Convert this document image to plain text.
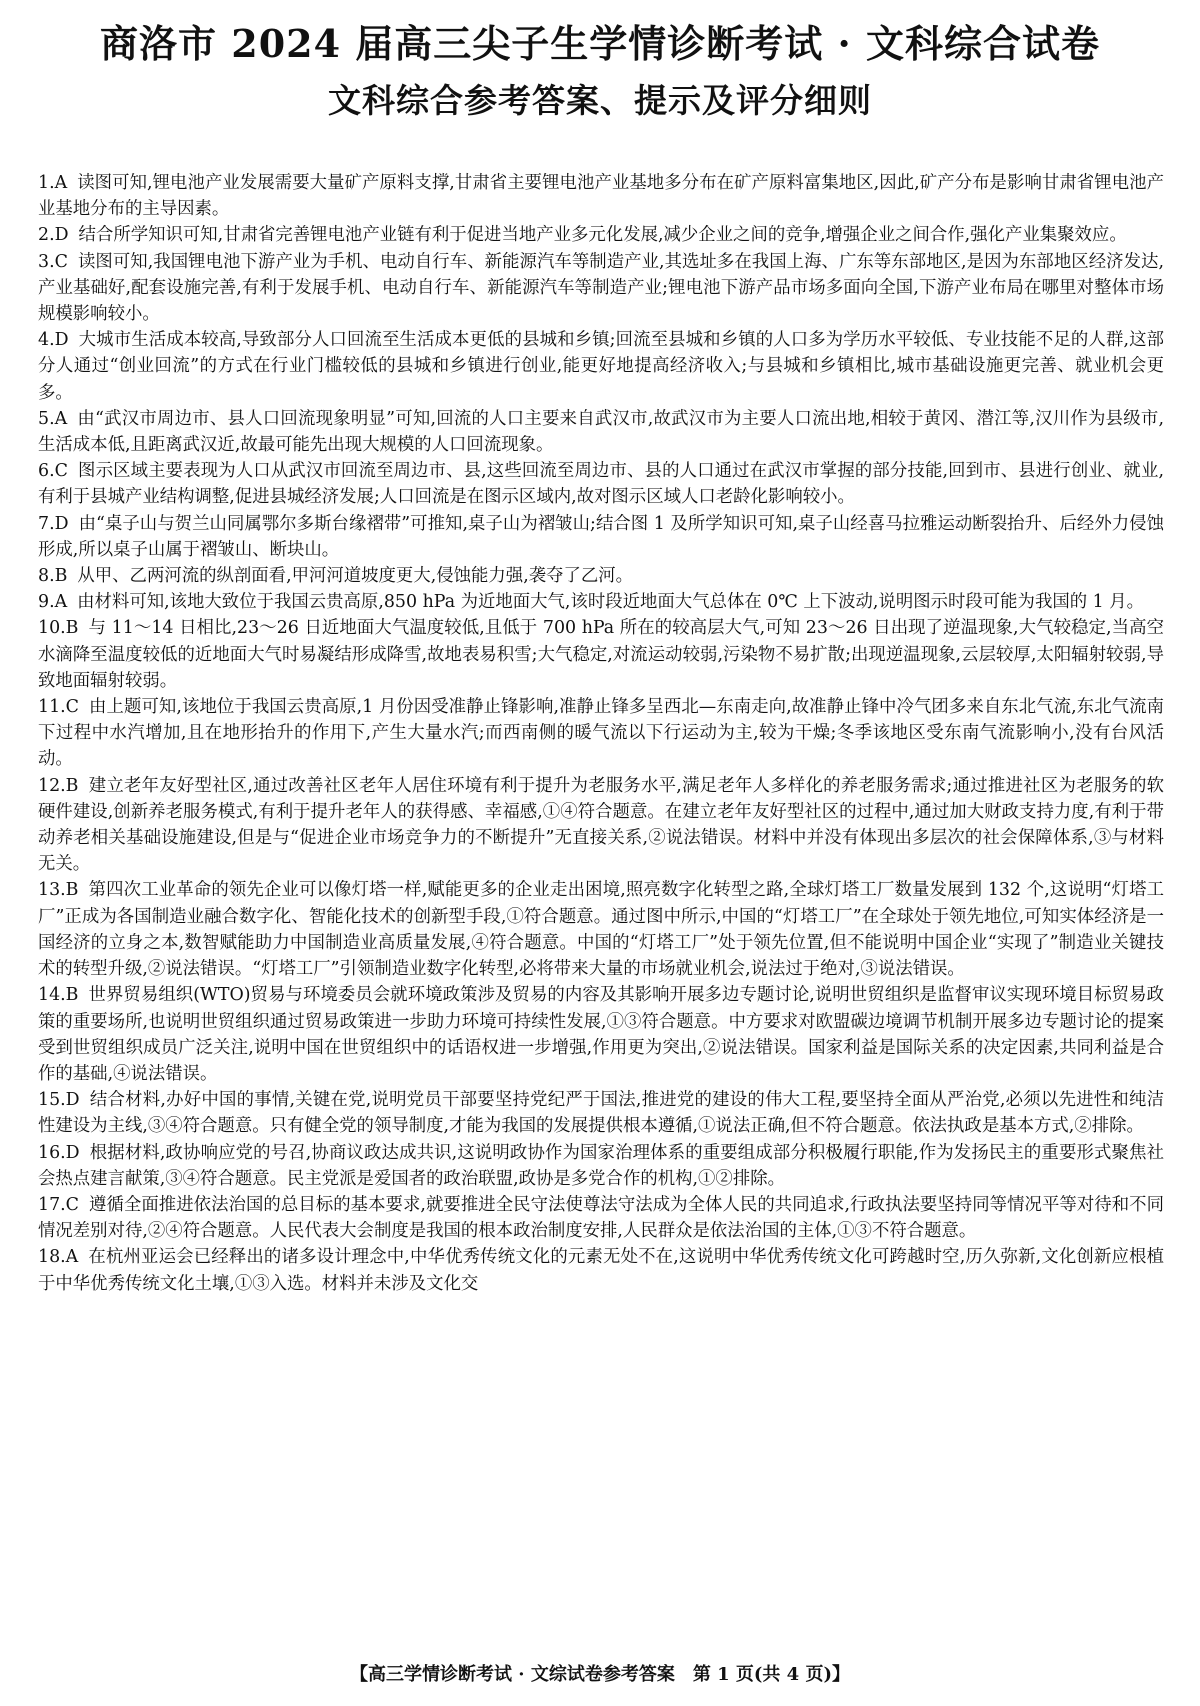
商洛市 2024 届高三尖子生学情诊断考试 · 文科综合试卷
文科综合参考答案、提示及评分细则

1.A 读图可知,锂电池产业发展需要大量矿产原料支撑,甘肃省主要锂电池产业基地多分布在矿产原料富集地区,因此,矿产分布是影响甘肃省锂电池产业基地分布的主导因素。

2.D 结合所学知识可知,甘肃省完善锂电池产业链有利于促进当地产业多元化发展,减少企业之间的竞争,增强企业之间合作,强化产业集聚效应。

3.C 读图可知,我国锂电池下游产业为手机、电动自行车、新能源汽车等制造产业,其选址多在我国上海、广东等东部地区,是因为东部地区经济发达,产业基础好,配套设施完善,有利于发展手机、电动自行车、新能源汽车等制造产业;锂电池下游产品市场多面向全国,下游产业布局在哪里对整体市场规模影响较小。

4.D 大城市生活成本较高,导致部分人口回流至生活成本更低的县城和乡镇;回流至县城和乡镇的人口多为学历水平较低、专业技能不足的人群,这部分人通过“创业回流”的方式在行业门槛较低的县城和乡镇进行创业,能更好地提高经济收入;与县城和乡镇相比,城市基础设施更完善、就业机会更多。

5.A 由“武汉市周边市、县人口回流现象明显”可知,回流的人口主要来自武汉市,故武汉市为主要人口流出地,相较于黄冈、潜江等,汉川作为县级市,生活成本低,且距离武汉近,故最可能先出现大规模的人口回流现象。

6.C 图示区域主要表现为人口从武汉市回流至周边市、县,这些回流至周边市、县的人口通过在武汉市掌握的部分技能,回到市、县进行创业、就业,有利于县城产业结构调整,促进县城经济发展;人口回流是在图示区域内,故对图示区域人口老龄化影响较小。

7.D 由“桌子山与贺兰山同属鄂尔多斯台缘褶带”可推知,桌子山为褶皱山;结合图 1 及所学知识可知,桌子山经喜马拉雅运动断裂抬升、后经外力侵蚀形成,所以桌子山属于褶皱山、断块山。

8.B 从甲、乙两河流的纵剖面看,甲河河道坡度更大,侵蚀能力强,袭夺了乙河。

9.A 由材料可知,该地大致位于我国云贵高原,850 hPa 为近地面大气,该时段近地面大气总体在 0℃ 上下波动,说明图示时段可能为我国的 1 月。

10.B 与 11～14 日相比,23～26 日近地面大气温度较低,且低于 700 hPa 所在的较高层大气,可知 23～26 日出现了逆温现象,大气较稳定,当高空水滴降至温度较低的近地面大气时易凝结形成降雪,故地表易积雪;大气稳定,对流运动较弱,污染物不易扩散;出现逆温现象,云层较厚,太阳辐射较弱,导致地面辐射较弱。

11.C 由上题可知,该地位于我国云贵高原,1 月份因受准静止锋影响,准静止锋多呈西北—东南走向,故准静止锋中冷气团多来自东北气流,东北气流南下过程中水汽增加,且在地形抬升的作用下,产生大量水汽;而西南侧的暖气流以下行运动为主,较为干燥;冬季该地区受东南气流影响小,没有台风活动。

12.B 建立老年友好型社区,通过改善社区老年人居住环境有利于提升为老服务水平,满足老年人多样化的养老服务需求;通过推进社区为老服务的软硬件建设,创新养老服务模式,有利于提升老年人的获得感、幸福感,①④符合题意。在建立老年友好型社区的过程中,通过加大财政支持力度,有利于带动养老相关基础设施建设,但是与“促进企业市场竞争力的不断提升”无直接关系,②说法错误。材料中并没有体现出多层次的社会保障体系,③与材料无关。

13.B 第四次工业革命的领先企业可以像灯塔一样,赋能更多的企业走出困境,照亮数字化转型之路,全球灯塔工厂数量发展到 132 个,这说明“灯塔工厂”正成为各国制造业融合数字化、智能化技术的创新型手段,①符合题意。通过图中所示,中国的“灯塔工厂”在全球处于领先地位,可知实体经济是一国经济的立身之本,数智赋能助力中国制造业高质量发展,④符合题意。中国的“灯塔工厂”处于领先位置,但不能说明中国企业“实现了”制造业关键技术的转型升级,②说法错误。“灯塔工厂”引领制造业数字化转型,必将带来大量的市场就业机会,说法过于绝对,③说法错误。

14.B 世界贸易组织(WTO)贸易与环境委员会就环境政策涉及贸易的内容及其影响开展多边专题讨论,说明世贸组织是监督审议实现环境目标贸易政策的重要场所,也说明世贸组织通过贸易政策进一步助力环境可持续性发展,①③符合题意。中方要求对欧盟碳边境调节机制开展多边专题讨论的提案受到世贸组织成员广泛关注,说明中国在世贸组织中的话语权进一步增强,作用更为突出,②说法错误。国家利益是国际关系的决定因素,共同利益是合作的基础,④说法错误。

15.D 结合材料,办好中国的事情,关键在党,说明党员干部要坚持党纪严于国法,推进党的建设的伟大工程,要坚持全面从严治党,必须以先进性和纯洁性建设为主线,③④符合题意。只有健全党的领导制度,才能为我国的发展提供根本遵循,①说法正确,但不符合题意。依法执政是基本方式,②排除。

16.D 根据材料,政协响应党的号召,协商议政达成共识,这说明政协作为国家治理体系的重要组成部分积极履行职能,作为发扬民主的重要形式聚焦社会热点建言献策,③④符合题意。民主党派是爱国者的政治联盟,政协是多党合作的机构,①②排除。

17.C 遵循全面推进依法治国的总目标的基本要求,就要推进全民守法使尊法守法成为全体人民的共同追求,行政执法要坚持同等情况平等对待和不同情况差别对待,②④符合题意。人民代表大会制度是我国的根本政治制度安排,人民群众是依法治国的主体,①③不符合题意。

18.A 在杭州亚运会已经释出的诸多设计理念中,中华优秀传统文化的元素无处不在,这说明中华优秀传统文化可跨越时空,历久弥新,文化创新应根植于中华优秀传统文化土壤,①③入选。材料并未涉及文化交

【高三学情诊断考试 · 文综试卷参考答案　第 1 页(共 4 页)】
